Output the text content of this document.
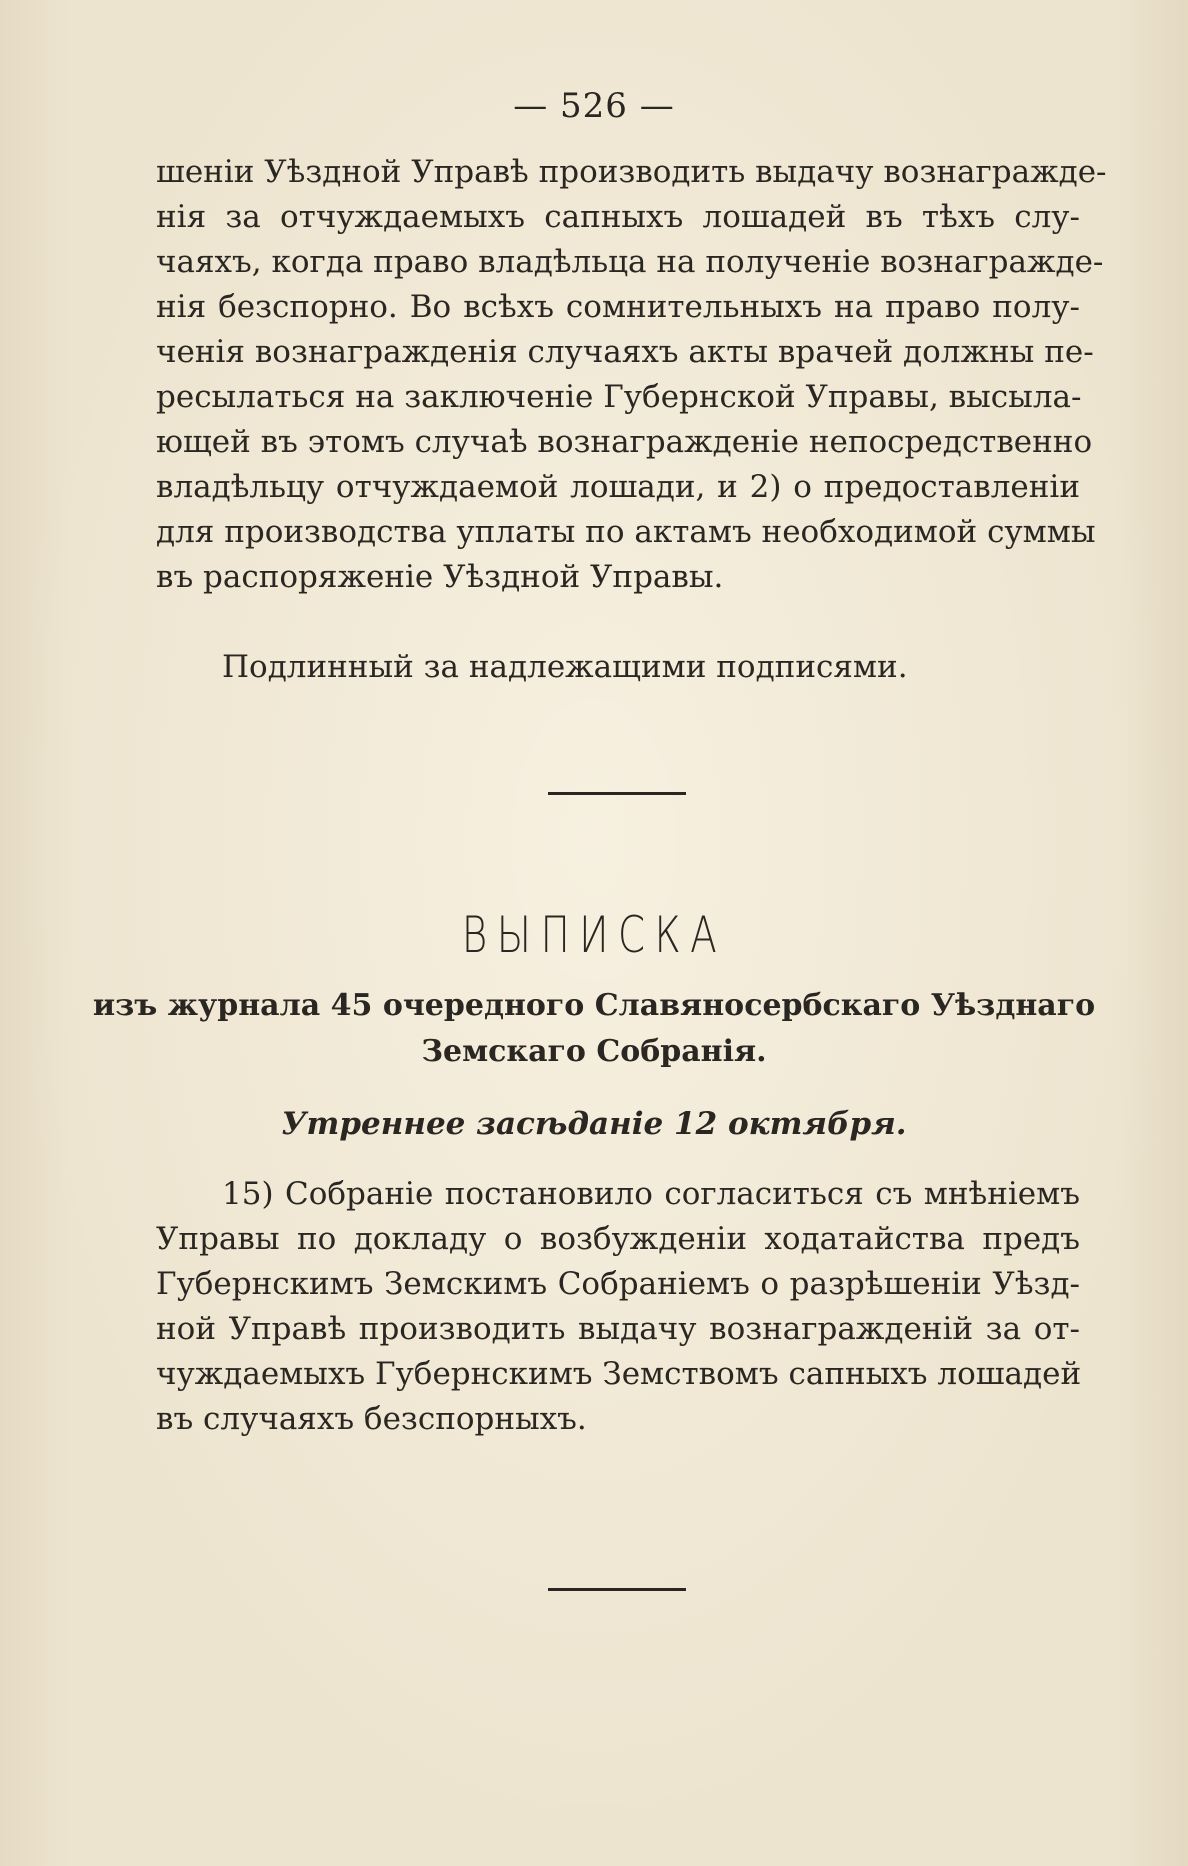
— 526 —
шеніи Уѣздной Управѣ производить выдачу вознагражде-
нія за отчуждаемыхъ сапныхъ лошадей въ тѣхъ слу-
чаяхъ, когда право владѣльца на полученіе вознагражде-
нія безспорно. Во всѣхъ сомнительныхъ на право полу-
ченія вознагражденія случаяхъ акты врачей должны пе-
ресылаться на заключеніе Губернской Управы, высыла-
ющей въ этомъ случаѣ вознагражденіе непосредственно
владѣльцу отчуждаемой лошади, и 2) о предоставленіи
для производства уплаты по актамъ необходимой суммы
въ распоряженіе Уѣздной Управы.
Подлинный за надлежащими подписями.
ВЫПИСКА
изъ журнала 45 очередного Славяносербскаго Уѣзднаго
Земскаго Собранія.
Утреннее засѣданіе 12 октября.
15) Собраніе постановило согласиться съ мнѣніемъ
Управы по докладу о возбужденіи ходатайства предъ
Губернскимъ Земскимъ Собраніемъ о разрѣшеніи Уѣзд-
ной Управѣ производить выдачу вознагражденій за от-
чуждаемыхъ Губернскимъ Земствомъ сапныхъ лошадей
въ случаяхъ безспорныхъ.
